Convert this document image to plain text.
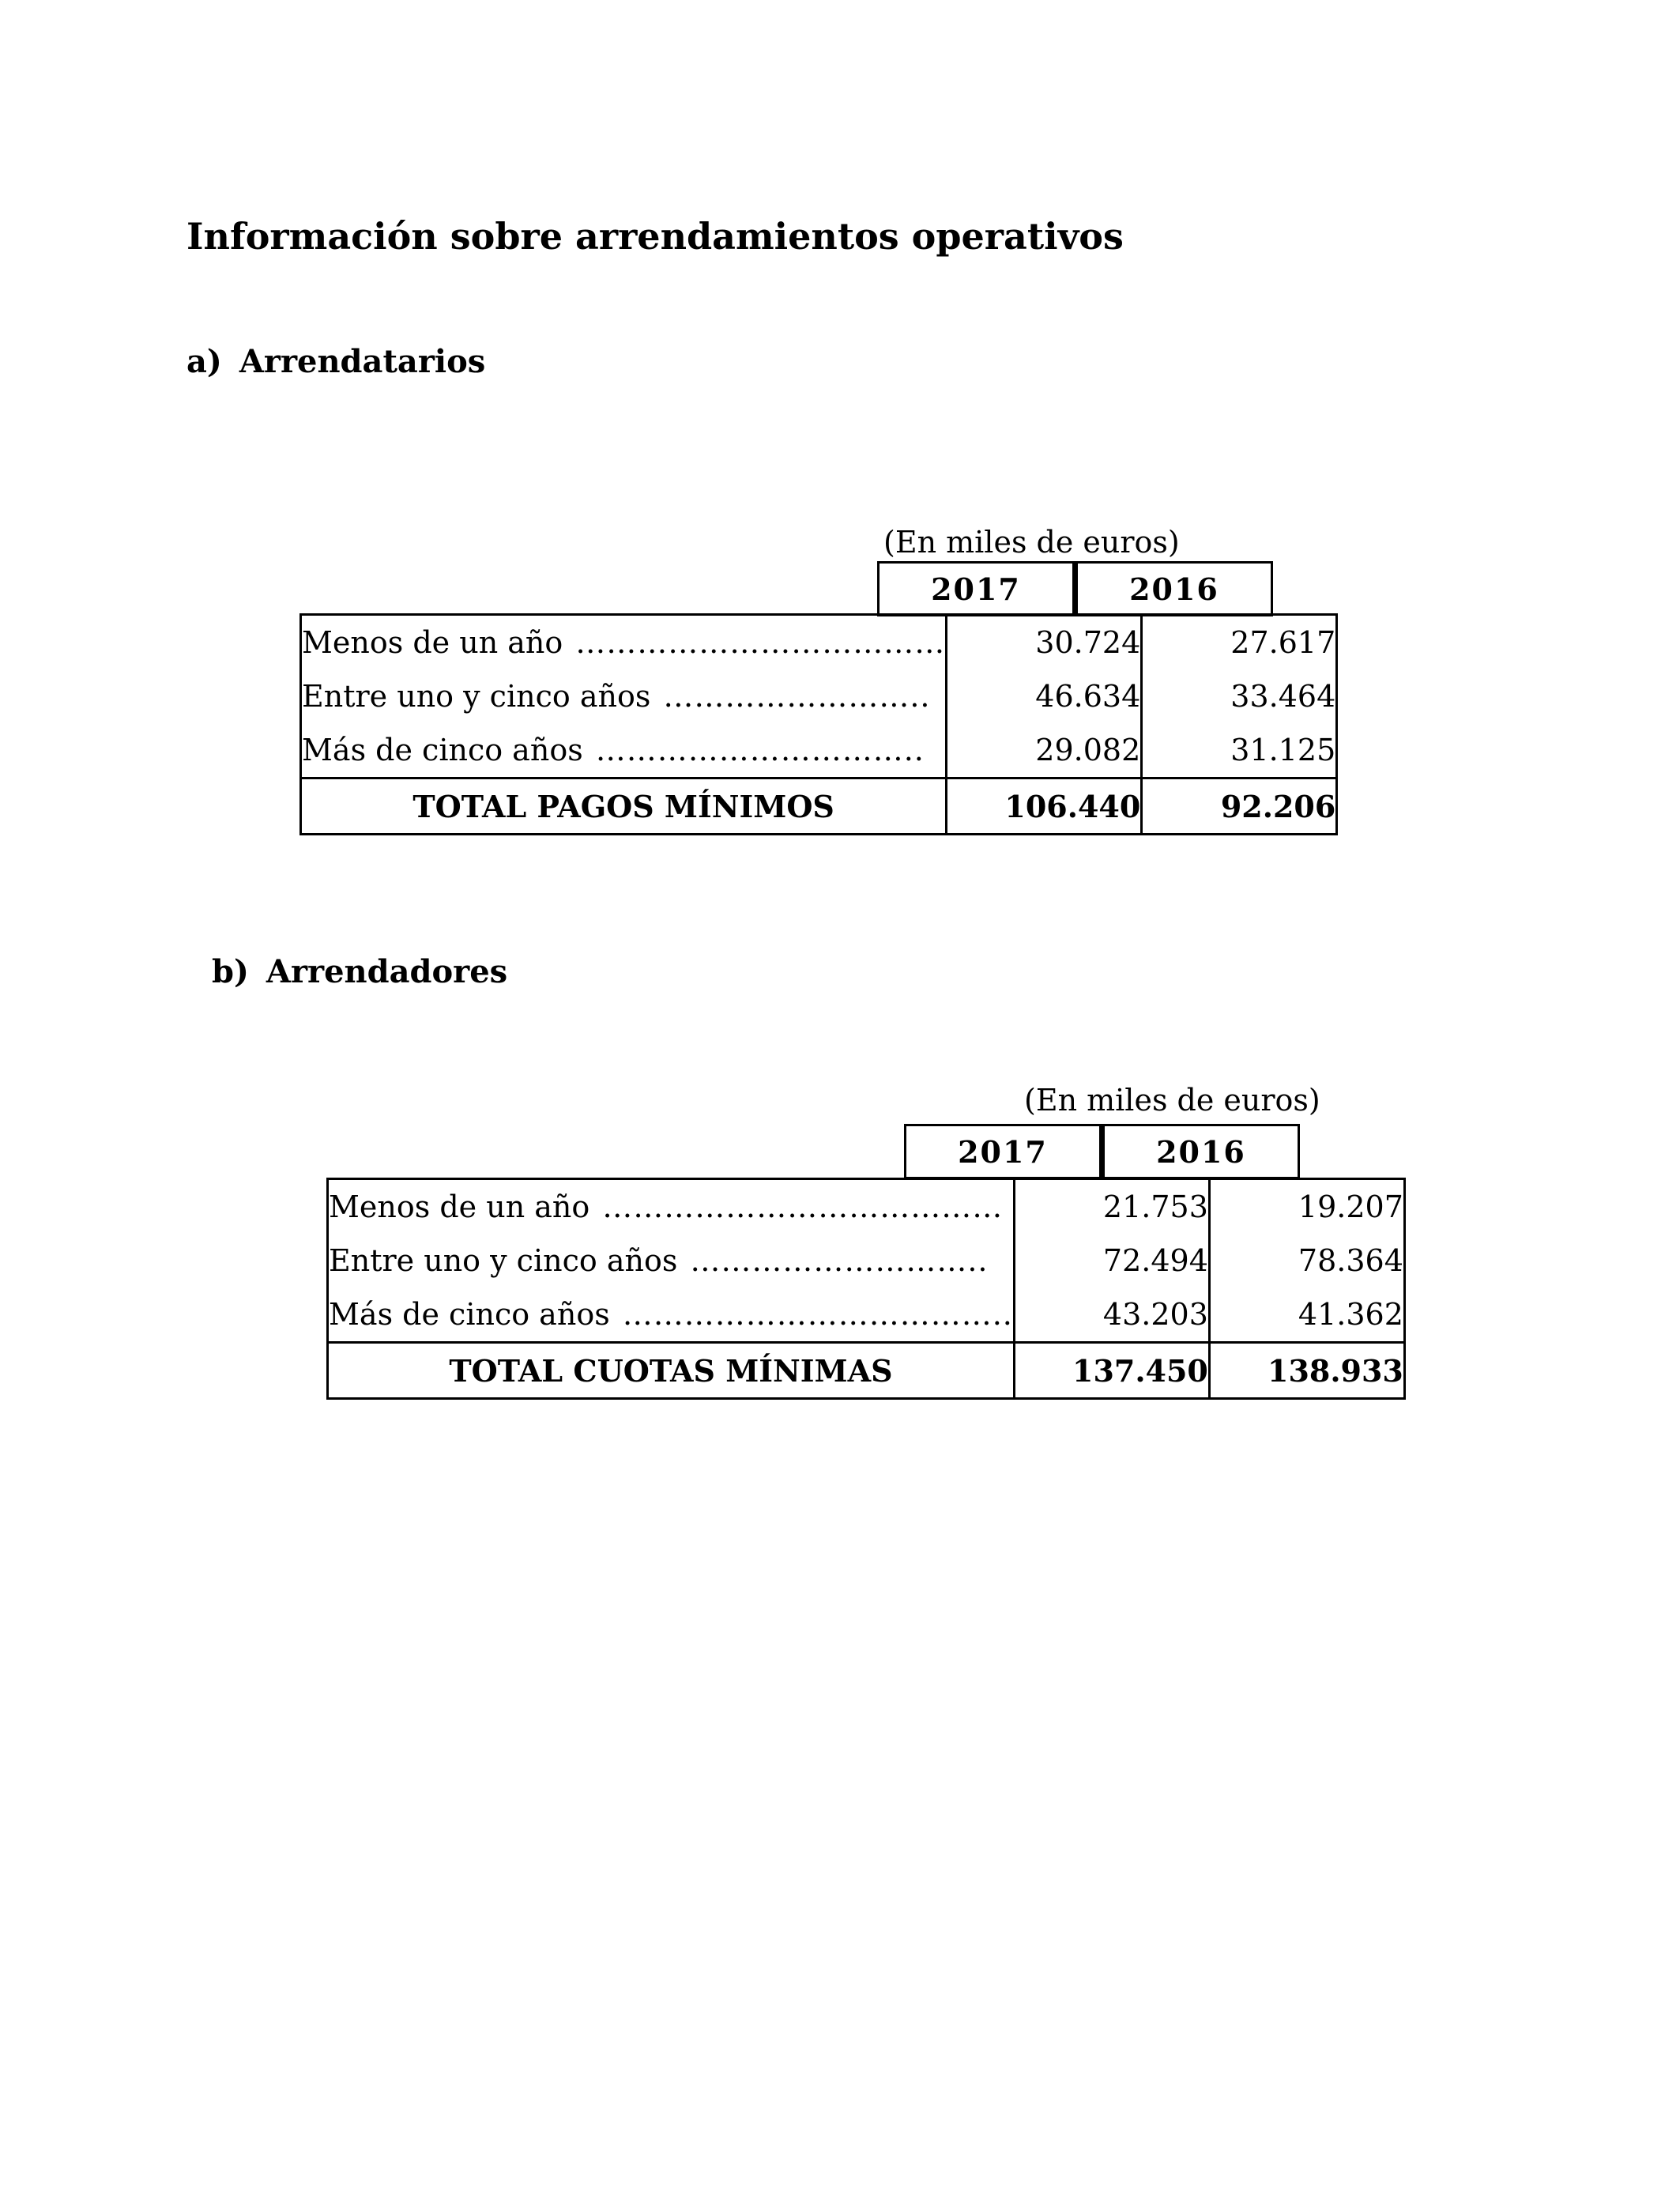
Información sobre arrendamientos operativos
a) Arrendatarios
(En miles de euros)
2017	2016
Menos de un año ………………………………	30.724	27.617
Entre uno y cinco años ……………………..	46.634	33.464
Más de cinco años …………………………..	29.082	31.125
TOTAL PAGOS MÍNIMOS	106.440	92.206
b) Arrendadores
(En miles de euros)
2017	2016
Menos de un año …………………………………	21.753	19.207
Entre uno y cinco años ………………………..	72.494	78.364
Más de cinco años ………………………………..	43.203	41.362
TOTAL CUOTAS MÍNIMAS	137.450	138.933
